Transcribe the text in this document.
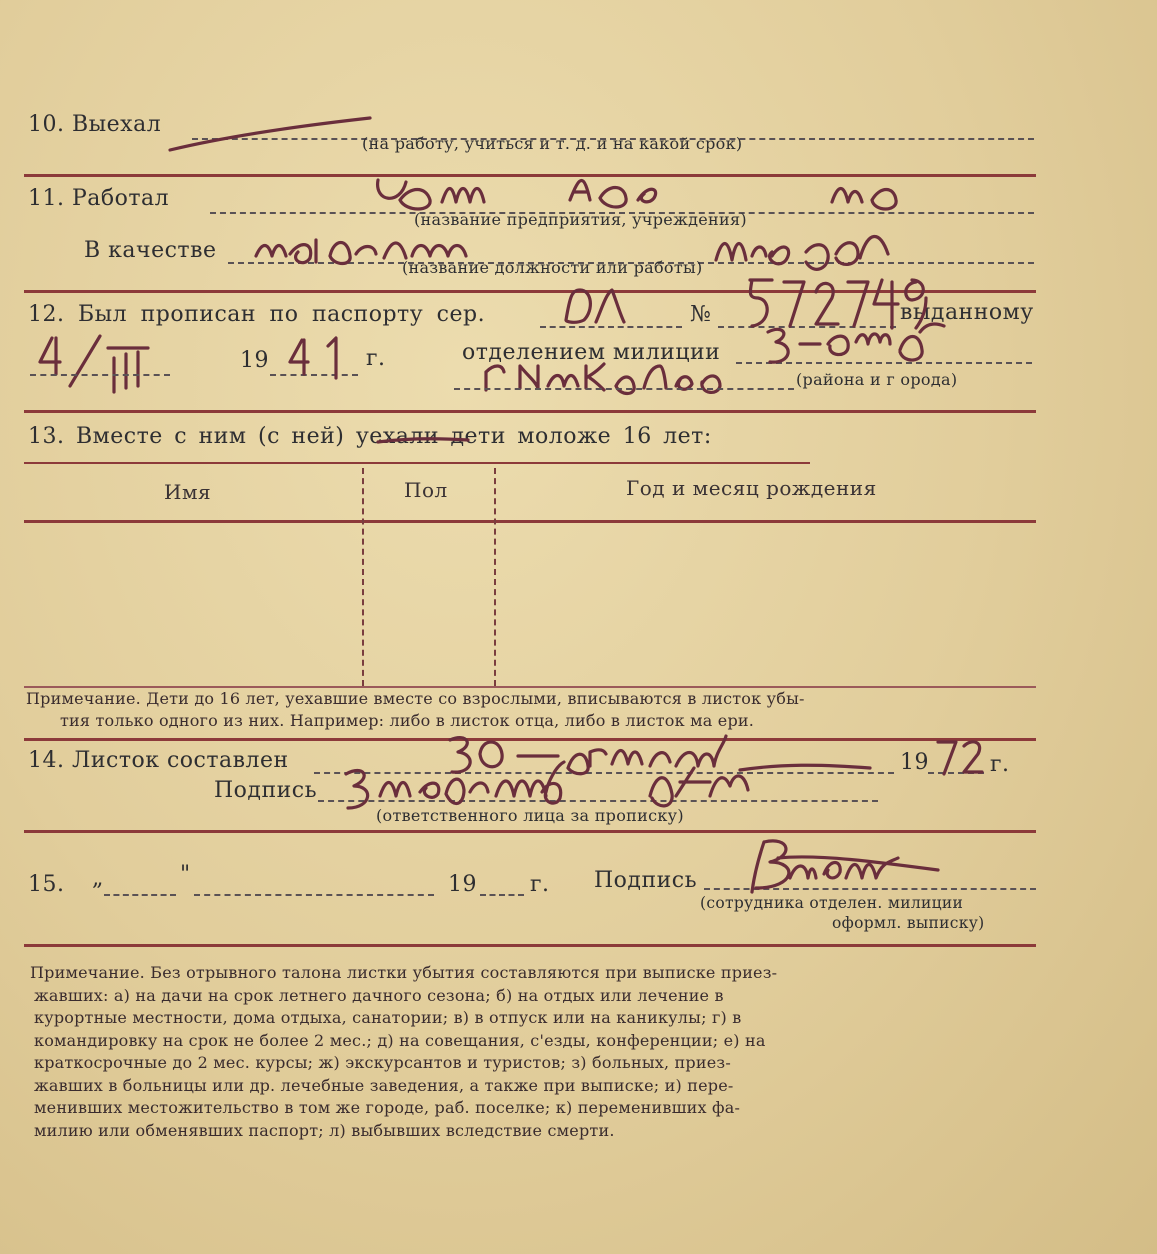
10. Выехал
(на работу, учиться и т. д. и на какой срок)
11. Работал
(название предприятия, учреждения)
В качестве
(название должности или работы)
12. Был прописан по паспорту сер.	№	выданному
19	г.	отделением милиции
(района и г орода)
13. Вместе с ним (с ней) уехали дети моложе 16 лет:
Имя	Пол	Год и месяц рождения
Примечание. Дети до 16 лет, уехавшие вместе со взрослыми, вписываются в листок убы-
тия только одного из них. Например: либо в листок отца, либо в листок ма ери.
14. Листок составлен	19	г.
Подпись
(ответственного лица за прописку)
15. „	"	19 г. Подпись
(сотрудника отделен. милиции
оформл. выписку)
Примечание. Без отрывного талона листки убытия составляются при выписке приез-
жавших: а) на дачи на срок летнего дачного сезона; б) на отдых или лечение в
курортные местности, дома отдыха, санатории; в) в отпуск или на каникулы; г) в
командировку на срок не более 2 мес.; д) на совещания, с'езды, конференции; е) на
краткосрочные до 2 мес. курсы; ж) экскурсантов и туристов; з) больных, приез-
жавших в больницы или др. лечебные заведения, а также при выписке; и) пере-
менивших местожительство в том же городе, раб. поселке; к) переменивших фа-
милию или обменявших паспорт; л) выбывших вследствие смерти.
